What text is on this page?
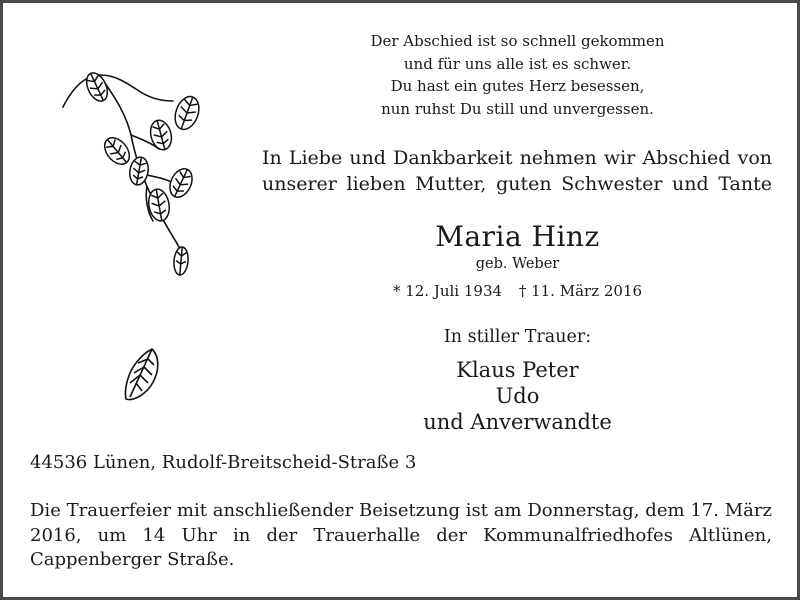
Der Abschied ist so schnell gekommen
und für uns alle ist es schwer.
Du hast ein gutes Herz besessen,
nun ruhst Du still und unvergessen.
In Liebe und Dankbarkeit nehmen wir Abschied von
unserer lieben Mutter, guten Schwester und Tante
Maria Hinz
geb. Weber
* 12. Juli 1934 † 11. März 2016
In stiller Trauer:
Klaus Peter
Udo
und Anverwandte
44536 Lünen, Rudolf-Breitscheid-Straße 3
Die Trauerfeier mit anschließender Beisetzung ist am Donnerstag, dem 17. März 2016, um 14 Uhr in der Trauerhalle der Kommunalfriedhofes Altlünen, Cappenberger Straße.
